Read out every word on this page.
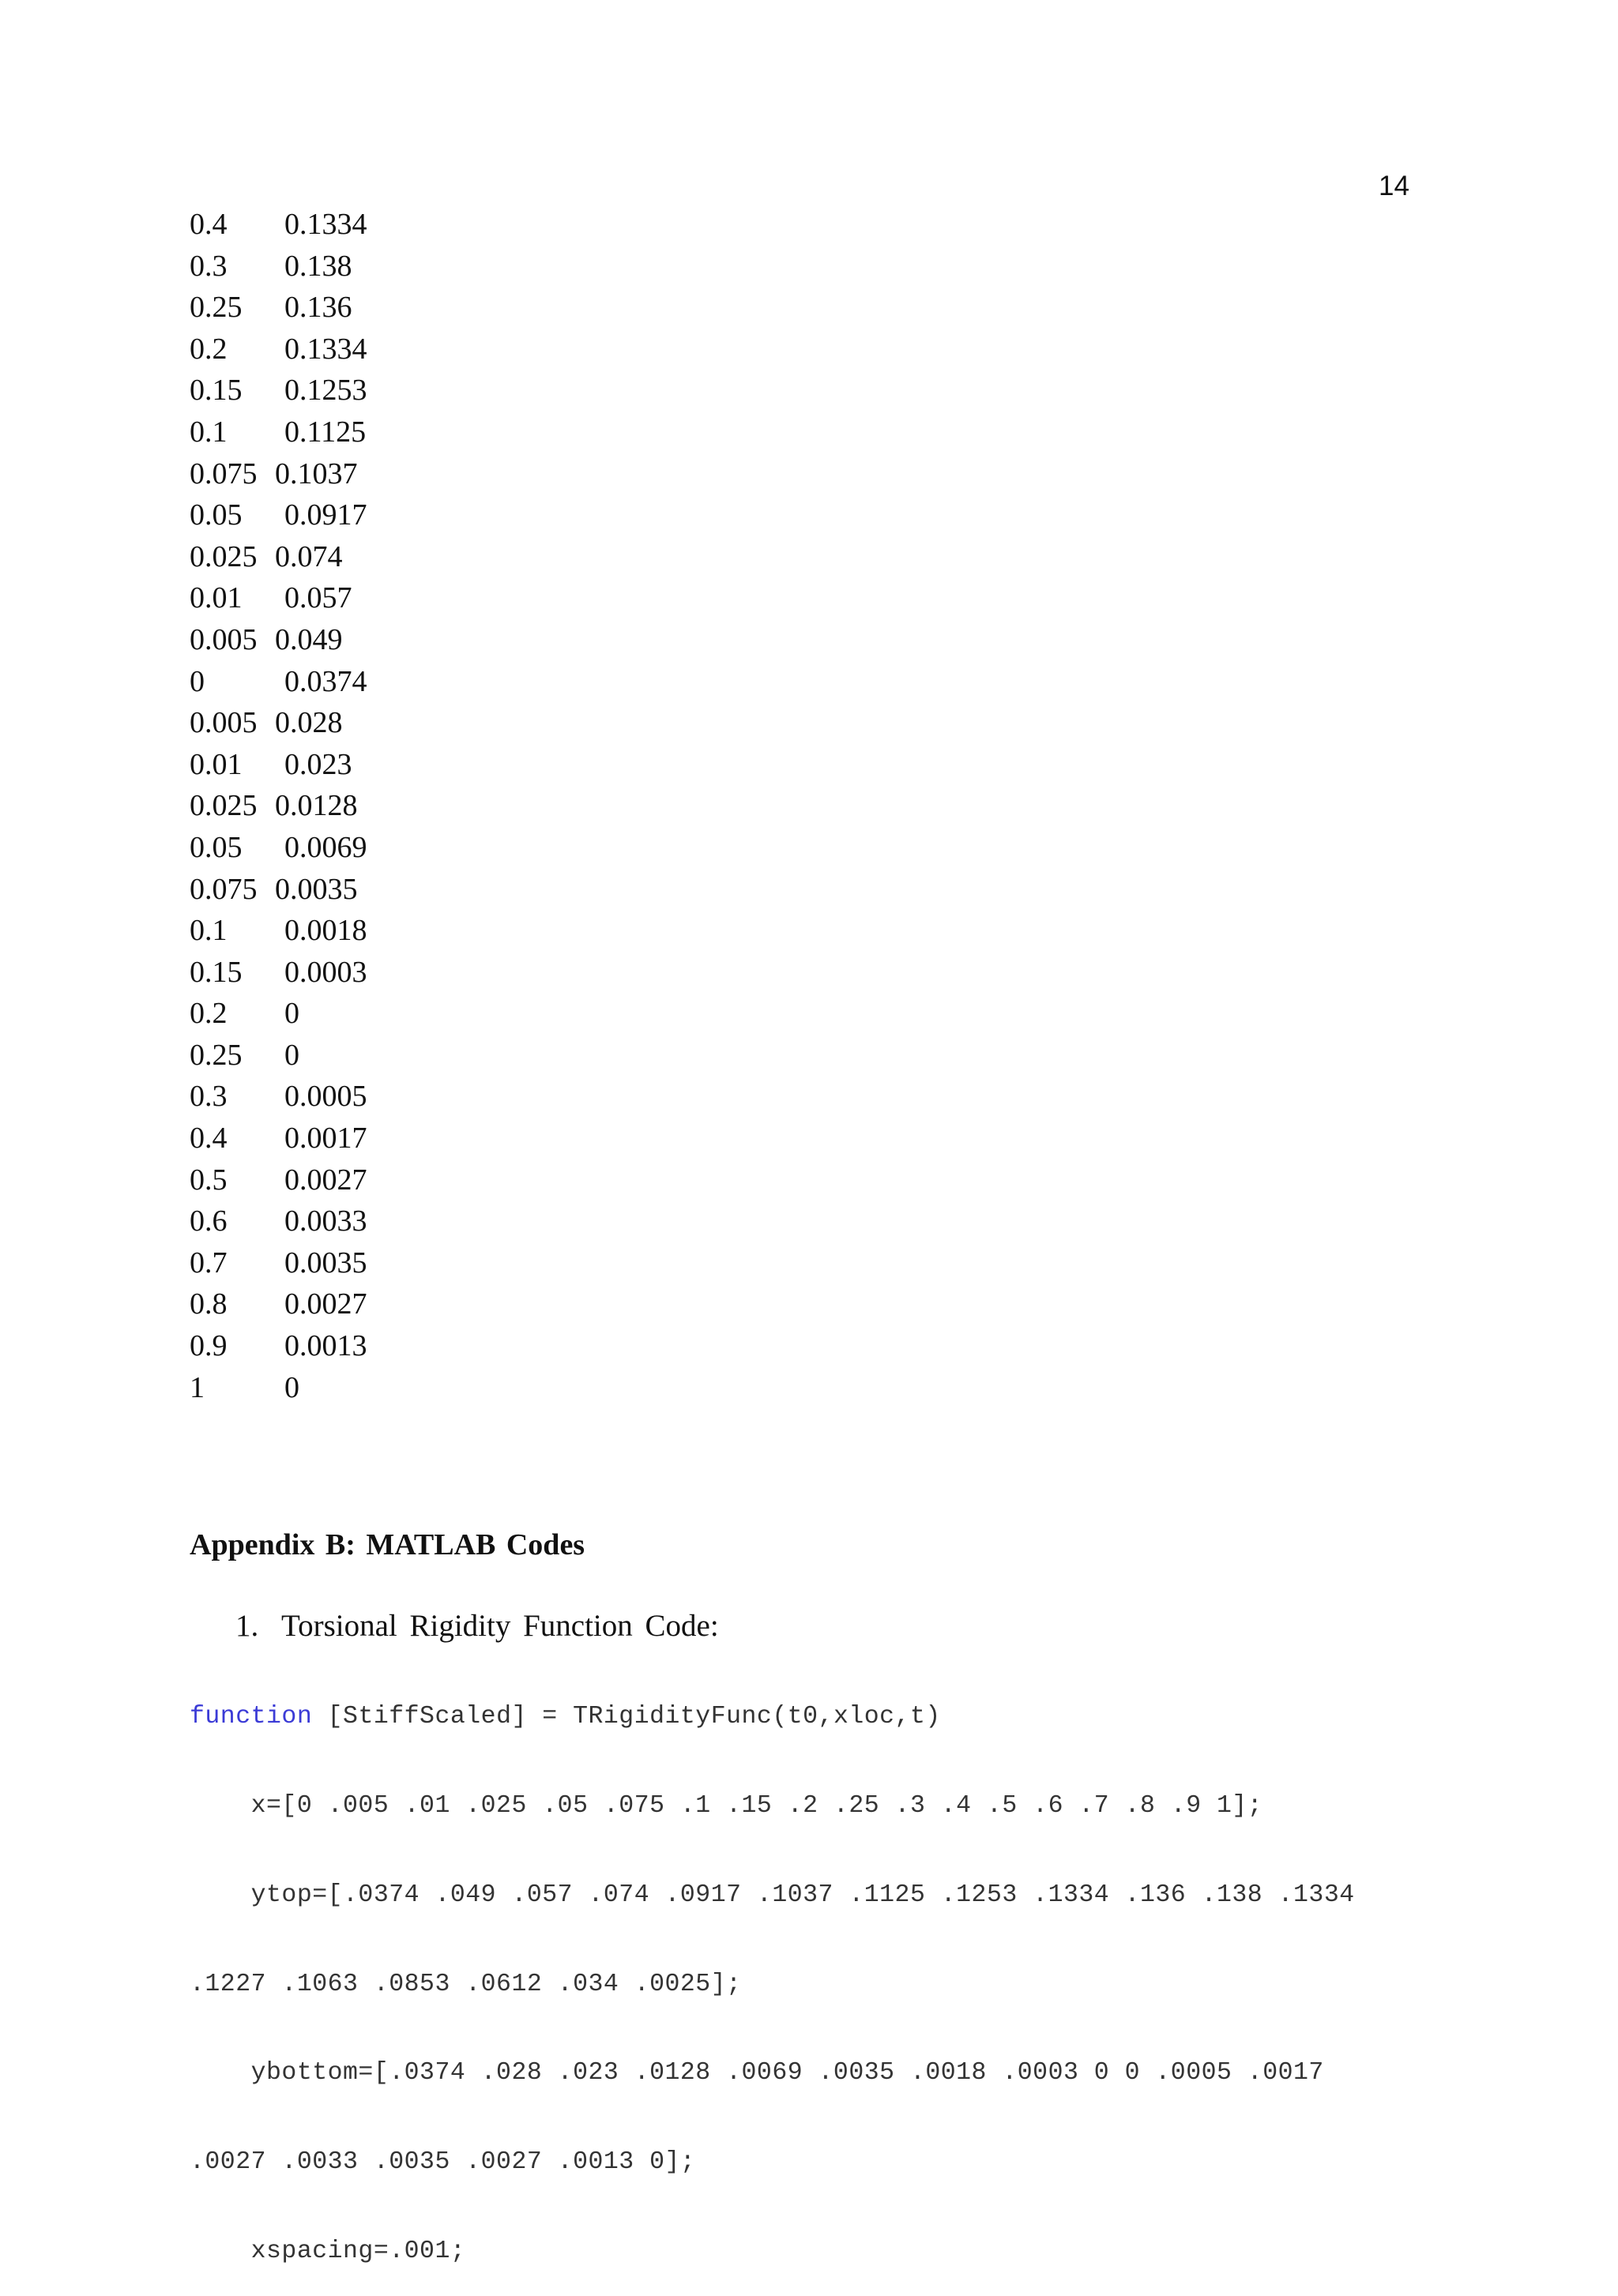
14
0.4 0.1334
0.3 0.138
0.25 0.136
0.2 0.1334
0.15 0.1253
0.1 0.1125
0.075 0.1037
0.05 0.0917
0.025 0.074
0.01 0.057
0.005 0.049
0	0.0374
0.005 0.028
0.01 0.023
0.025 0.0128
0.05 0.0069
0.075 0.0035
0.1 0.0018
0.15 0.0003
0.2 0
0.25 0
0.3 0.0005
0.4 0.0017
0.5 0.0027
0.6 0.0033
0.7 0.0035
0.8 0.0027
0.9 0.0013
1	0
Appendix B: MATLAB Codes
1. Torsional Rigidity Function Code:

function [StiffScaled] = TRigidityFunc(t0,xloc,t)

x=[0 .005 .01 .025 .05 .075 .1 .15 .2 .25 .3 .4 .5 .6 .7 .8 .9 1];

ytop=[.0374 .049 .057 .074 .0917 .1037 .1125 .1253 .1334 .136 .138 .1334

.1227 .1063 .0853 .0612 .034 .0025];

ybottom=[.0374 .028 .023 .0128 .0069 .0035 .0018 .0003 0 0 .0005 .0017

.0027 .0033 .0035 .0027 .0013 0];

xspacing=.001;
